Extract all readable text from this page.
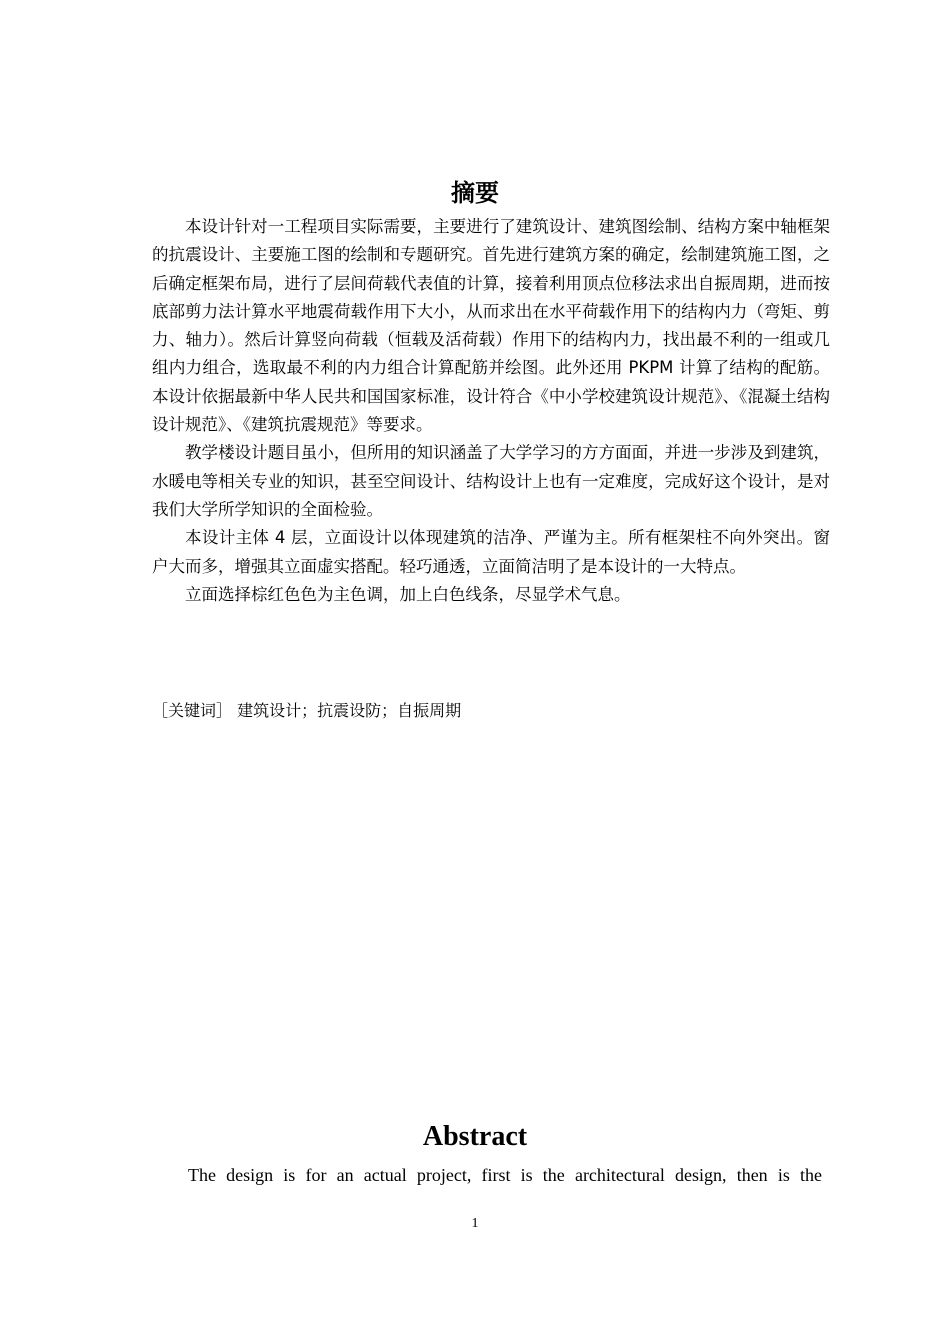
摘要

本设计针对一工程项目实际需要，主要进行了建筑设计、建筑图绘制、结构方案中轴框架的抗震设计、主要施工图的绘制和专题研究。首先进行建筑方案的确定，绘制建筑施工图，之后确定框架布局，进行了层间荷载代表值的计算，接着利用顶点位移法求出自振周期，进而按底部剪力法计算水平地震荷载作用下大小，从而求出在水平荷载作用下的结构内力（弯矩、剪力、轴力）。然后计算竖向荷载（恒载及活荷载）作用下的结构内力，找出最不利的一组或几组内力组合，选取最不利的内力组合计算配筋并绘图。此外还用 PKPM 计算了结构的配筋。本设计依据最新中华人民共和国国家标准，设计符合《中小学校建筑设计规范》、《混凝土结构设计规范》、《建筑抗震规范》等要求。

教学楼设计题目虽小，但所用的知识涵盖了大学学习的方方面面，并进一步涉及到建筑，水暖电等相关专业的知识，甚至空间设计、结构设计上也有一定难度，完成好这个设计，是对我们大学所学知识的全面检验。

本设计主体 4 层，立面设计以体现建筑的洁净、严谨为主。所有框架柱不向外突出。窗户大而多，增强其立面虚实搭配。轻巧通透，立面简洁明了是本设计的一大特点。

立面选择棕红色色为主色调，加上白色线条，尽显学术气息。

［关键词］ 建筑设计；抗震设防；自振周期

Abstract

The design is for an actual project, first is the architectural design, then is the

1
